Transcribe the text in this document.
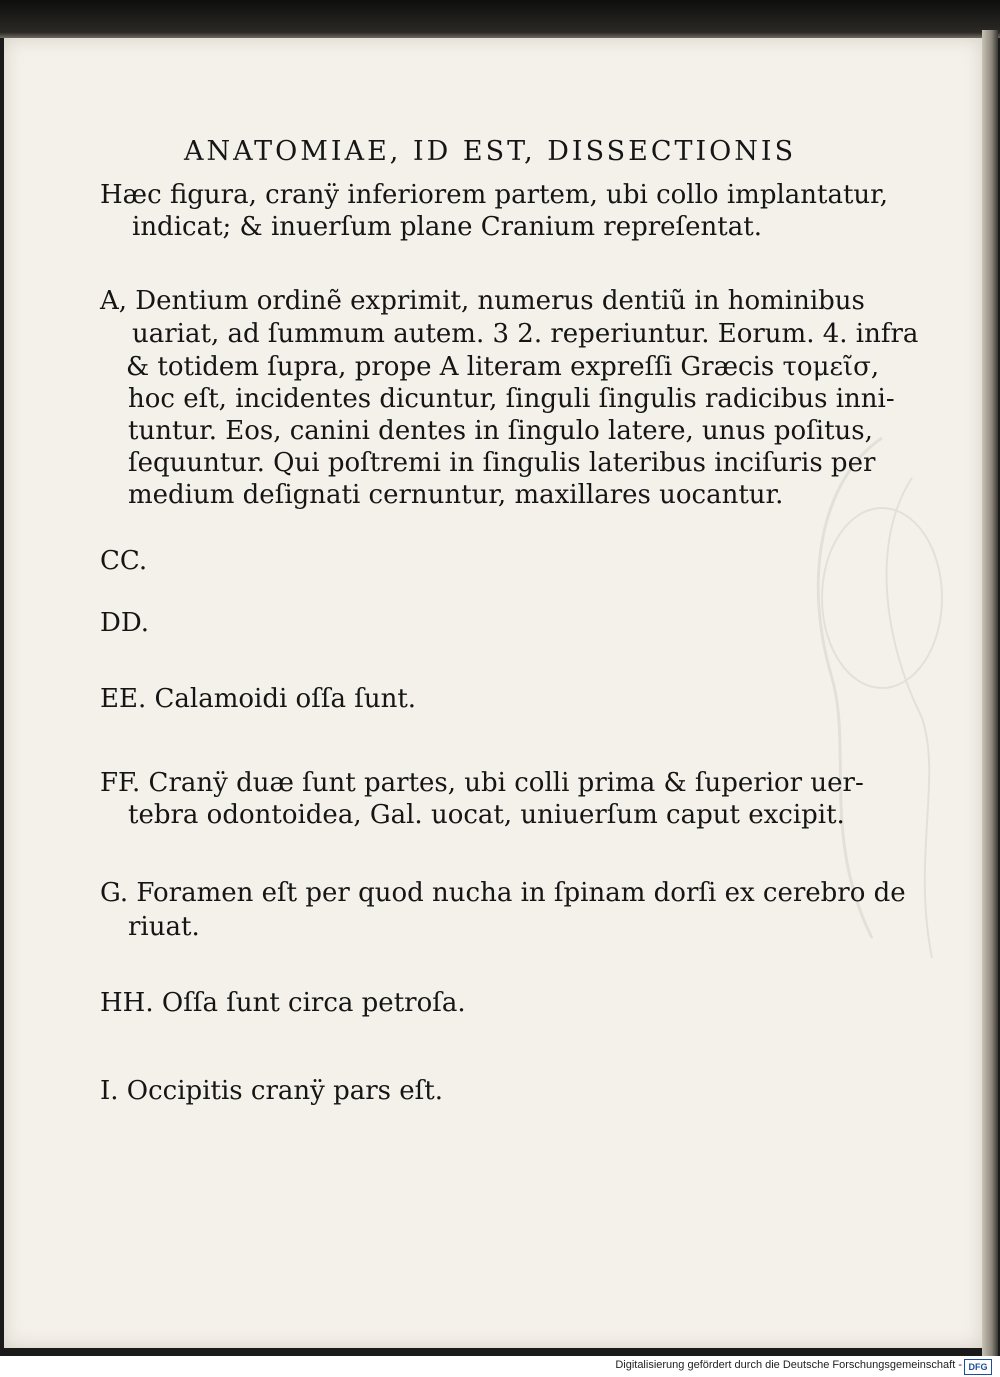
ANATOMIAE, ID EST, DISSECTIONIS
Hæc figura, cranÿ inferiorem partem, ubi collo implantatur,
indicat; & inuerſum plane Cranium repreſentat.
A, Dentium ordinẽ exprimit, numerus dentiũ in hominibus
uariat, ad ſummum autem. 3 2. reperiuntur. Eorum. 4. infra
& totidem ſupra, prope A literam expreſſi Græcis τομεῖσ,
hoc eſt, incidentes dicuntur, ſinguli ſingulis radicibus inni-
tuntur. Eos, canini dentes in ſingulo latere, unus poſitus,
ſequuntur. Qui poſtremi in ſingulis lateribus inciſuris per
medium deſignati cernuntur, maxillares uocantur.
CC.
DD.
EE. Calamoidi oſſa ſunt.
FF. Cranÿ duæ ſunt partes, ubi colli prima & ſuperior uer-
tebra odontoidea, Gal. uocat, uniuerſum caput excipit.
G. Foramen eſt per quod nucha in ſpinam dorſi ex cerebro de
riuat.
HH. Oſſa ſunt circa petroſa.
I. Occipitis cranÿ pars eſt.
Digitalisierung gefördert durch die Deutsche Forschungsgemeinschaft - DFG
